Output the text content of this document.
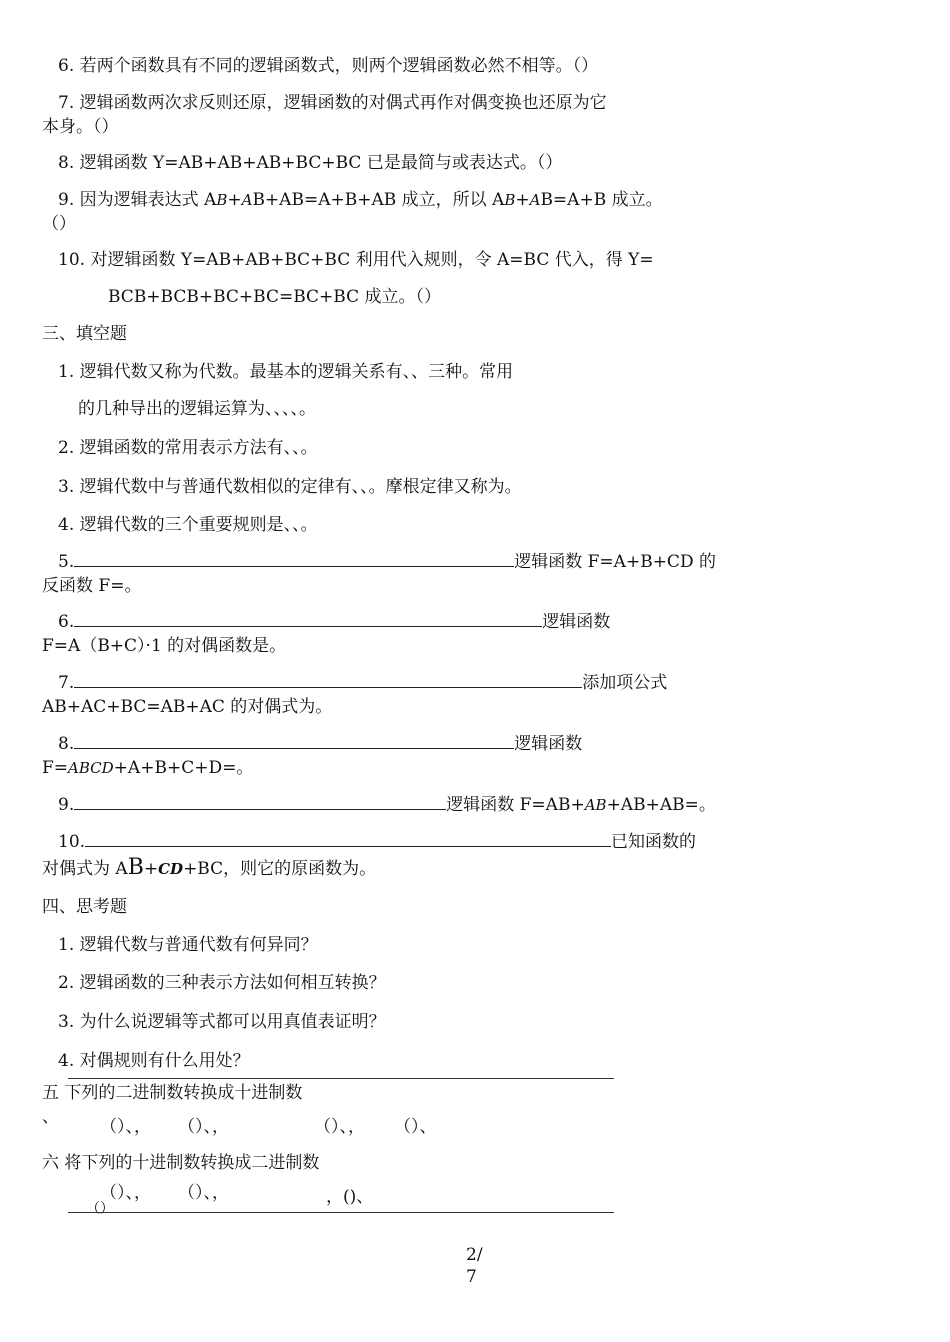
6. 若两个函数具有不同的逻辑函数式，则两个逻辑函数必然不相等。（）
7. 逻辑函数两次求反则还原，逻辑函数的对偶式再作对偶变换也还原为它
本身。（）
8. 逻辑函数 Y=AB+AB+AB+BC+BC 已是最简与或表达式。（）
9. 因为逻辑表达式 AB+AB+AB=A+B+AB 成立，所以 AB+AB=A+B 成立。
（）
10. 对逻辑函数 Y=AB+AB+BC+BC 利用代入规则，令 A=BC 代入，得 Y=
BCB+BCB+BC+BC=BC+BC 成立。（）
三、填空题
1. 逻辑代数又称为代数。最基本的逻辑关系有、、三种。常用
的几种导出的逻辑运算为、、、、。
2. 逻辑函数的常用表示方法有、、。
3. 逻辑代数中与普通代数相似的定律有、、。摩根定律又称为。
4. 逻辑代数的三个重要规则是、、。
5.	逻辑函数 F=A+B+CD 的
反函数 F=。
6.	逻辑函数
F=A（B+C）·1 的对偶函数是。
7.	添加项公式
AB+AC+BC=AB+AC 的对偶式为。
8.	逻辑函数
F=ABCD+A+B+C+D=。
9.	逻辑函数 F=AB+AB+AB+AB=。
10.	已知函数的
对偶式为 AB+CD+BC，则它的原函数为。
四、思考题
1. 逻辑代数与普通代数有何异同？
2. 逻辑函数的三种表示方法如何相互转换？
3. 为什么说逻辑等式都可以用真值表证明？
4. 对偶规则有什么用处？
五 下列的二进制数转换成十进制数
、 （）、， （）、，	（）、， （）、
六 将下列的十进制数转换成二进制数
（）、， （）、，	，()、
（）
2/
7
